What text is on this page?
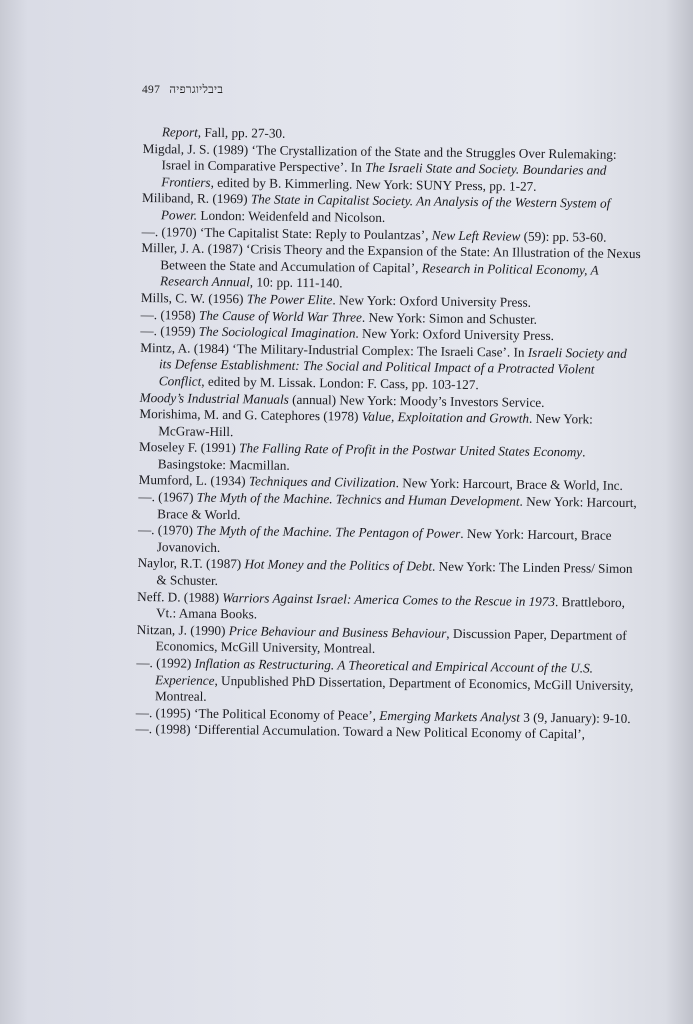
497 ביבליוגרפיה

Report, Fall, pp. 27-30.

Migdal, J. S. (1989) ‘The Crystallization of the State and the Struggles Over Rulemaking: Israel in Comparative Perspective’. In The Israeli State and Society. Boundaries and Frontiers, edited by B. Kimmerling. New York: SUNY Press, pp. 1-27.

Miliband, R. (1969) The State in Capitalist Society. An Analysis of the Western System of Power. London: Weidenfeld and Nicolson.

—. (1970) ‘The Capitalist State: Reply to Poulantzas’, New Left Review (59): pp. 53-60.

Miller, J. A. (1987) ‘Crisis Theory and the Expansion of the State: An Illustration of the Nexus Between the State and Accumulation of Capital’, Research in Political Economy, A Research Annual, 10: pp. 111-140.

Mills, C. W. (1956) The Power Elite. New York: Oxford University Press.

—. (1958) The Cause of World War Three. New York: Simon and Schuster.

—. (1959) The Sociological Imagination. New York: Oxford University Press.

Mintz, A. (1984) ‘The Military-Industrial Complex: The Israeli Case’. In Israeli Society and its Defense Establishment: The Social and Political Impact of a Protracted Violent Conflict, edited by M. Lissak. London: F. Cass, pp. 103-127.

Moody’s Industrial Manuals (annual) New York: Moody’s Investors Service.

Morishima, M. and G. Catephores (1978) Value, Exploitation and Growth. New York: McGraw-Hill.

Moseley F. (1991) The Falling Rate of Profit in the Postwar United States Economy. Basingstoke: Macmillan.

Mumford, L. (1934) Techniques and Civilization. New York: Harcourt, Brace & World, Inc.

—. (1967) The Myth of the Machine. Technics and Human Development. New York: Harcourt, Brace & World.

—. (1970) The Myth of the Machine. The Pentagon of Power. New York: Harcourt, Brace Jovanovich.

Naylor, R.T. (1987) Hot Money and the Politics of Debt. New York: The Linden Press/ Simon & Schuster.

Neff. D. (1988) Warriors Against Israel: America Comes to the Rescue in 1973. Brattleboro, Vt.: Amana Books.

Nitzan, J. (1990) Price Behaviour and Business Behaviour, Discussion Paper, Department of Economics, McGill University, Montreal.

—. (1992) Inflation as Restructuring. A Theoretical and Empirical Account of the U.S. Experience, Unpublished PhD Dissertation, Department of Economics, McGill University, Montreal.

—. (1995) ‘The Political Economy of Peace’, Emerging Markets Analyst 3 (9, January): 9-10.

—. (1998) ‘Differential Accumulation. Toward a New Political Economy of Capital’,
